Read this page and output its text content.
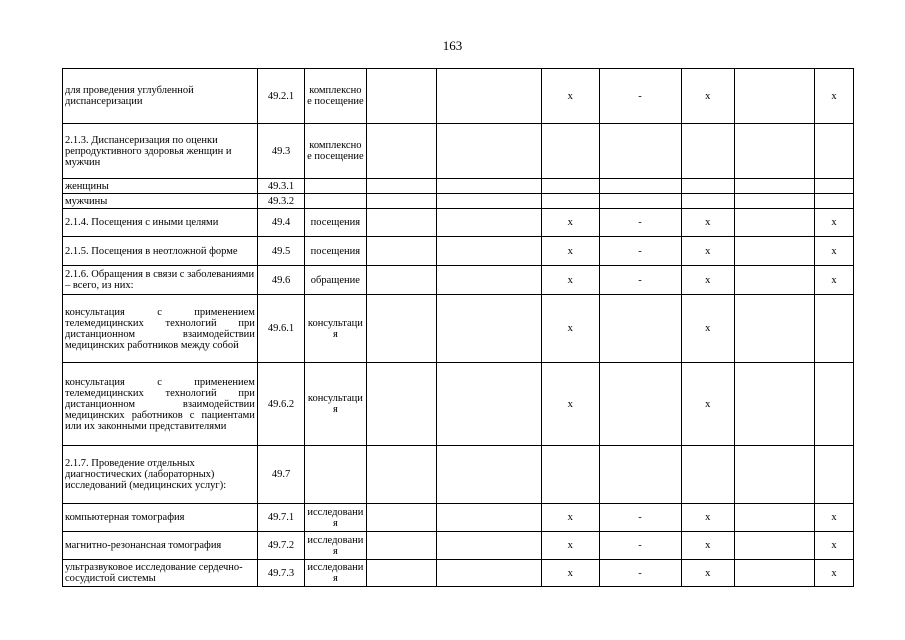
163
для проведения углубленной диспансеризации	49.2.1	комплексное посещение			x	-	x		x
2.1.3. Диспансеризация по оценки репродуктивного здоровья женщин и мужчин	49.3	комплексное посещение							
женщины	49.3.1								
мужчины	49.3.2								
2.1.4. Посещения с иными целями	49.4	посещения			x	-	x		x
2.1.5. Посещения в неотложной форме	49.5	посещения			x	-	x		x
2.1.6. Обращения в связи с заболеваниями – всего, из них:	49.6	обращение			x	-	x		x
консультация с применением телемедицинских технологий при дистанционном взаимодействии медицинских работников между собой	49.6.1	консультация			x		x		
консультация с применением телемедицинских технологий при дистанционном взаимодействии медицинских работников с пациентами или их законными представителями	49.6.2	консультация			x		x		
2.1.7. Проведение отдельных диагностических (лабораторных) исследований (медицинских услуг):	49.7								
компьютерная томография	49.7.1	исследования			x	-	x		x
магнитно-резонансная томография	49.7.2	исследования			x	-	x		x
ультразвуковое исследование сердечно-сосудистой системы	49.7.3	исследования			x	-	x		x
